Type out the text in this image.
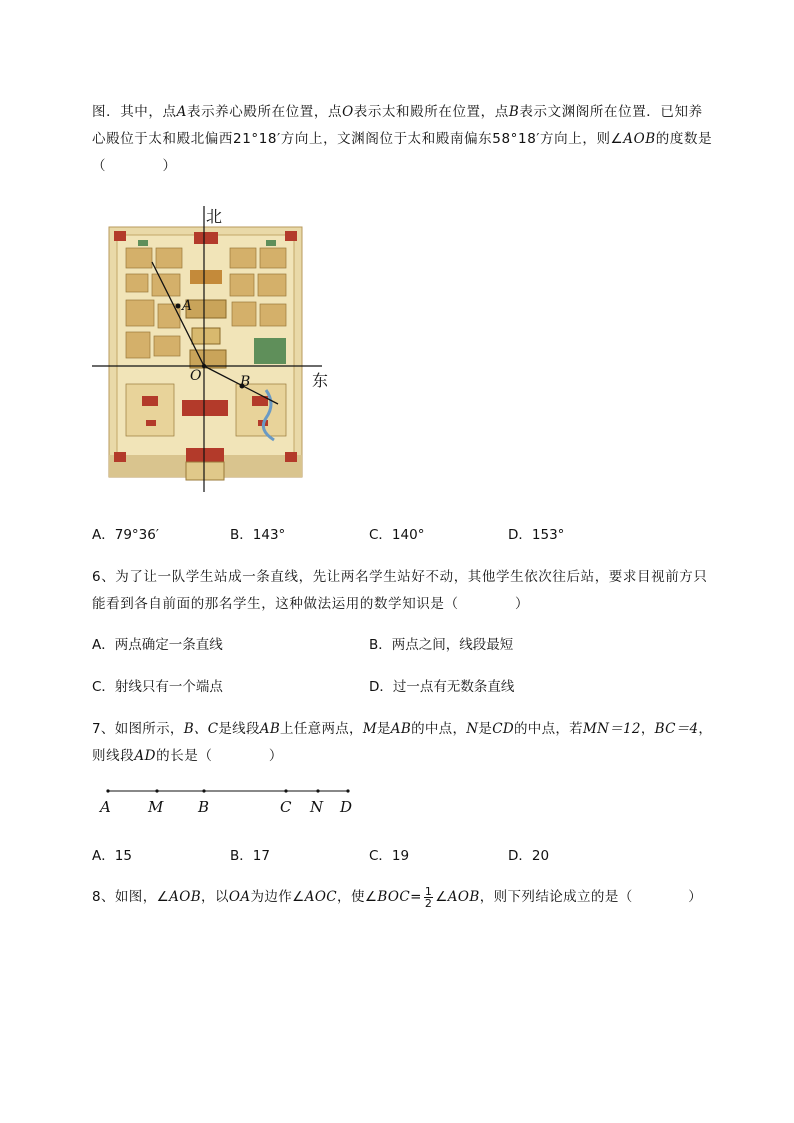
图．其中，点A表示养心殿所在位置，点O表示太和殿所在位置，点B表示文渊阁所在位置．已知养
心殿位于太和殿北偏西21°18′方向上，文渊阁位于太和殿南偏东58°18′方向上，则∠AOB的度数是
（　　　　）
北
东
A
O	B
A．79°36′	B．143°	C．140°	D．153°
6、为了让一队学生站成一条直线，先让两名学生站好不动，其他学生依次往后站，要求目视前方只
能看到各自前面的那名学生，这种做法运用的数学知识是（　　　　）
A．两点确定一条直线	B．两点之间，线段最短
C．射线只有一个端点	D．过一点有无数条直线
7、如图所示，B、C是线段AB上任意两点，M是AB的中点，N是CD的中点，若MN＝12，BC＝4，
则线段AD的长是（　　　　）
A M B	C N D
A．15	B．17	C．19	D．20
8、如图，∠AOB，以OA为边作∠AOC，使∠BOC= $\frac{1}{2}$ ∠AOB，则下列结论成立的是（　　　　）
